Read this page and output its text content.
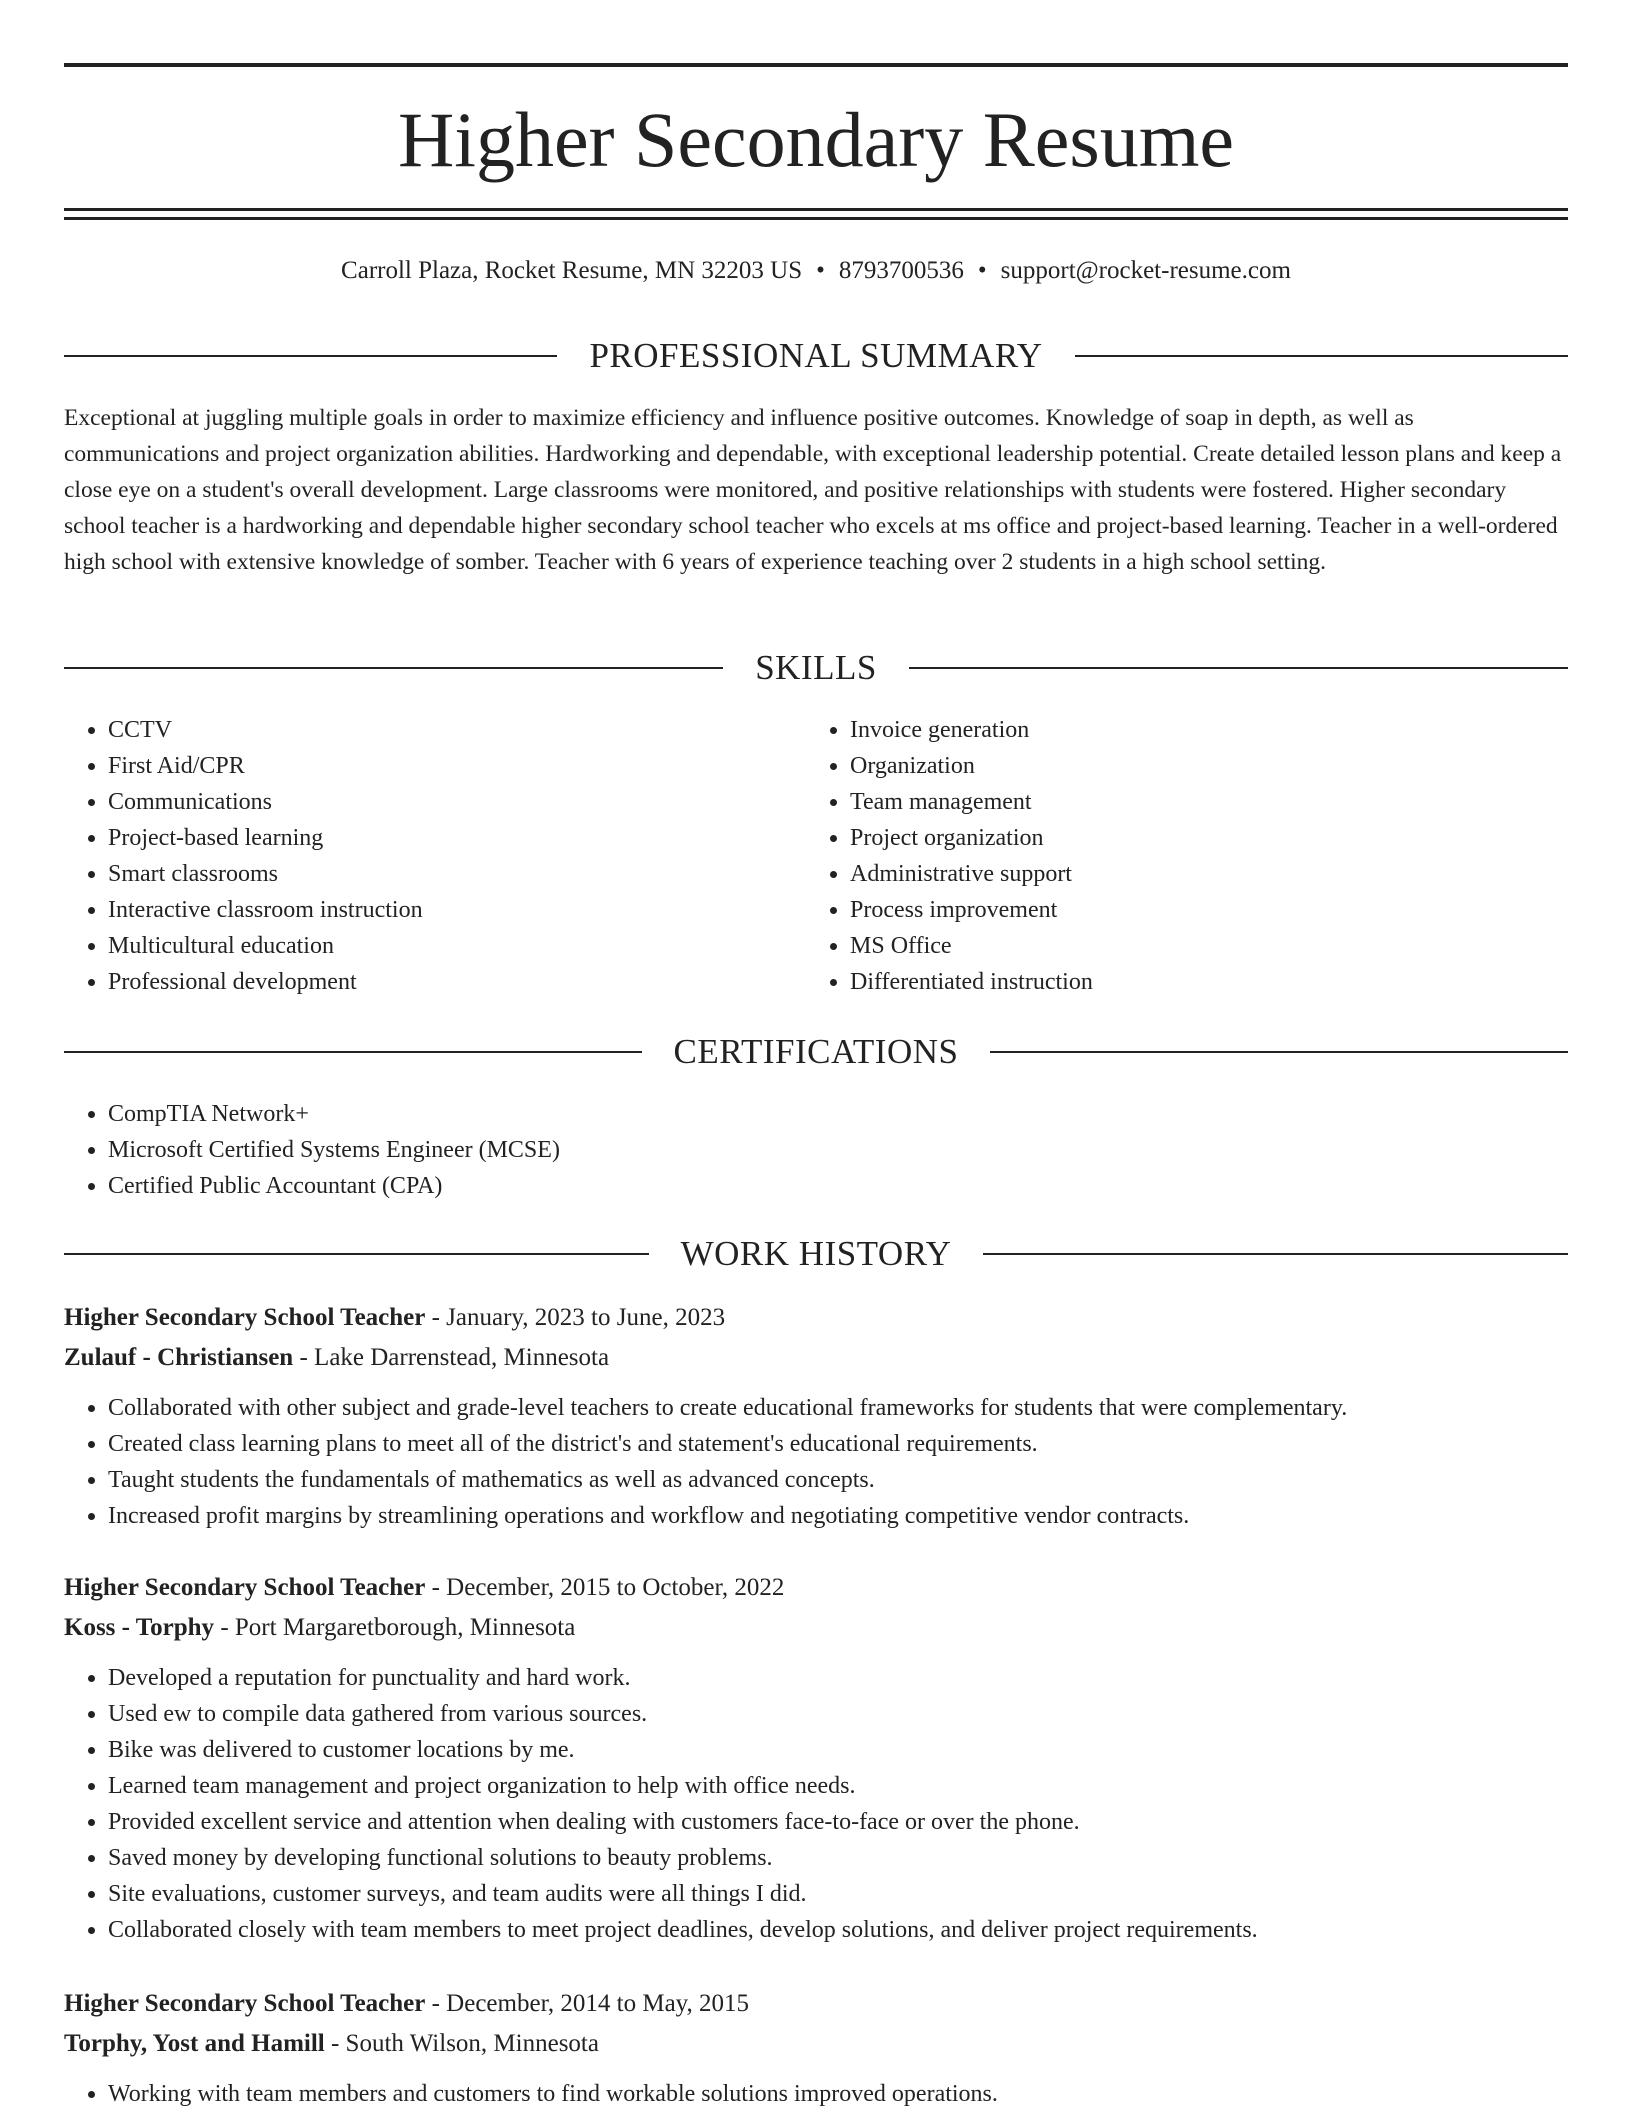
Higher Secondary Resume
Carroll Plaza, Rocket Resume, MN 32203 US • 8793700536 • support@rocket-resume.com
PROFESSIONAL SUMMARY

Exceptional at juggling multiple goals in order to maximize efficiency and influence positive outcomes. Knowledge of soap in depth, as well as communications and project organization abilities. Hardworking and dependable, with exceptional leadership potential. Create detailed lesson plans and keep a close eye on a student's overall development. Large classrooms were monitored, and positive relationships with students were fostered. Higher secondary school teacher is a hardworking and dependable higher secondary school teacher who excels at ms office and project-based learning. Teacher in a well-ordered high school with extensive knowledge of somber. Teacher with 6 years of experience teaching over 2 students in a high school setting.

SKILLS
• CCTV
• First Aid/CPR
• Communications
• Project-based learning
• Smart classrooms
• Interactive classroom instruction
• Multicultural education
• Professional development
• Invoice generation
• Organization
• Team management
• Project organization
• Administrative support
• Process improvement
• MS Office
• Differentiated instruction
CERTIFICATIONS
• CompTIA Network+
• Microsoft Certified Systems Engineer (MCSE)
• Certified Public Accountant (CPA)
WORK HISTORY
Higher Secondary School Teacher - January, 2023 to June, 2023
Zulauf - Christiansen - Lake Darrenstead, Minnesota
• Collaborated with other subject and grade-level teachers to create educational frameworks for students that were complementary.
• Created class learning plans to meet all of the district's and statement's educational requirements.
• Taught students the fundamentals of mathematics as well as advanced concepts.
• Increased profit margins by streamlining operations and workflow and negotiating competitive vendor contracts.
Higher Secondary School Teacher - December, 2015 to October, 2022
Koss - Torphy - Port Margaretborough, Minnesota
• Developed a reputation for punctuality and hard work.
• Used ew to compile data gathered from various sources.
• Bike was delivered to customer locations by me.
• Learned team management and project organization to help with office needs.
• Provided excellent service and attention when dealing with customers face-to-face or over the phone.
• Saved money by developing functional solutions to beauty problems.
• Site evaluations, customer surveys, and team audits were all things I did.
• Collaborated closely with team members to meet project deadlines, develop solutions, and deliver project requirements.
Higher Secondary School Teacher - December, 2014 to May, 2015
Torphy, Yost and Hamill - South Wilson, Minnesota
• Working with team members and customers to find workable solutions improved operations.
